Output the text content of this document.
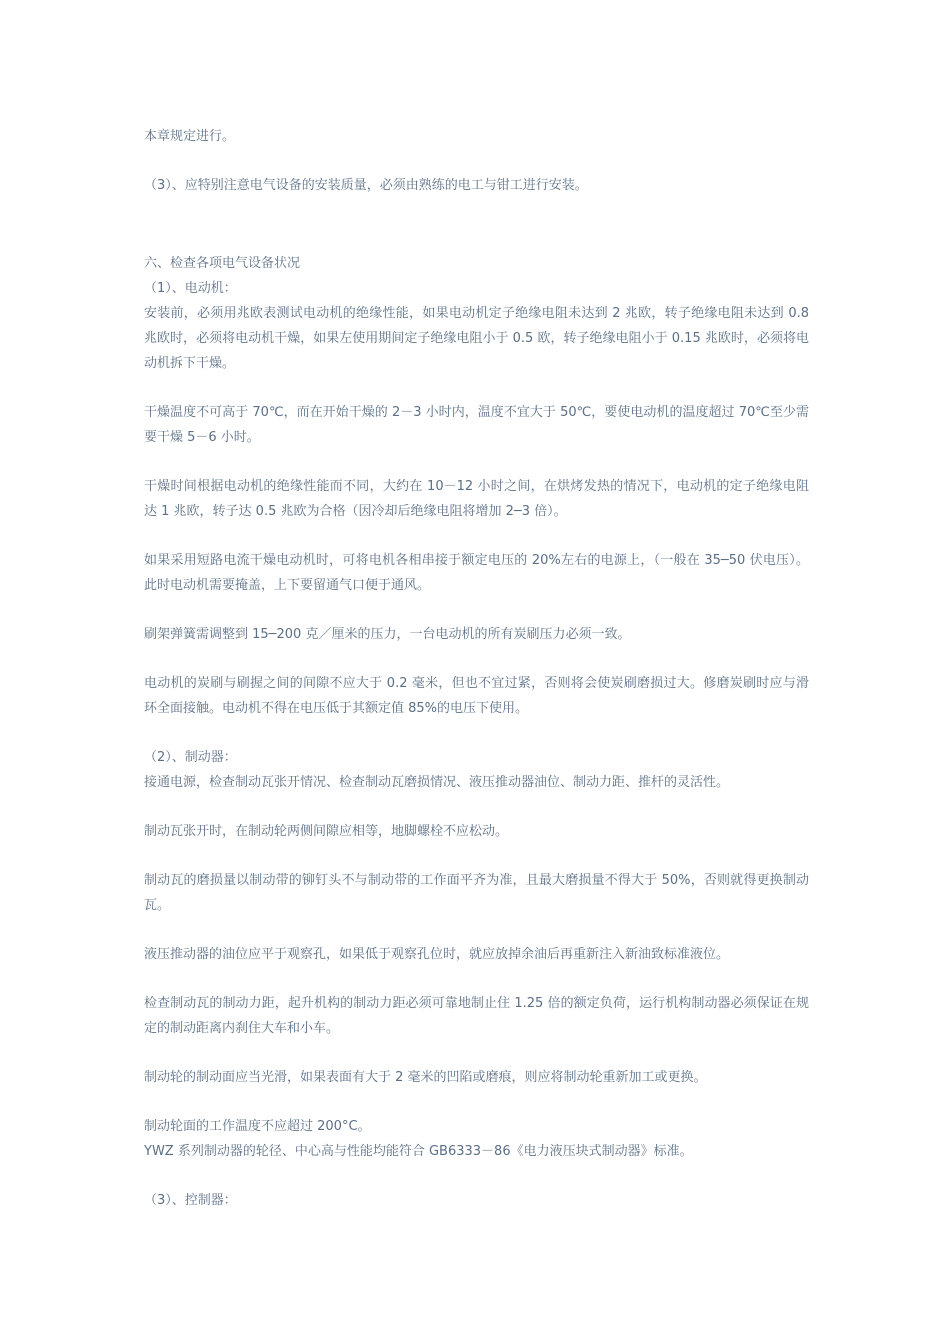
本章规定进行。

（3）、应特别注意电气设备的安装质量，必须由熟练的电工与钳工进行安装。

六、检查各项电气设备状况

（1）、电动机：

安装前，必须用兆欧表测试电动机的绝缘性能，如果电动机定子绝缘电阻未达到 2 兆欧，转子绝缘电阻未达到 0.8 兆欧时，必须将电动机干燥，如果左使用期间定子绝缘电阻小于 0.5 欧，转子绝缘电阻小于 0.15 兆欧时，必须将电动机拆下干燥。

干燥温度不可高于 70℃，而在开始干燥的 2－3 小时内，温度不宜大于 50℃，要使电动机的温度超过 70℃至少需要干燥 5－6 小时。

干燥时间根据电动机的绝缘性能而不同，大约在 10－12 小时之间，在烘烤发热的情况下，电动机的定子绝缘电阻达 1 兆欧，转子达 0.5 兆欧为合格（因冷却后绝缘电阻将增加 2─3 倍）。

如果采用短路电流干燥电动机时，可将电机各相串接于额定电压的 20%左右的电源上，（一般在 35─50 伏电压）。此时电动机需要掩盖，上下要留通气口便于通风。

刷架弹簧需调整到 15─200 克／厘米的压力，一台电动机的所有炭刷压力必须一致。

电动机的炭刷与刷握之间的间隙不应大于 0.2 毫米，但也不宜过紧，否则将会使炭刷磨损过大。修磨炭刷时应与滑环全面接触。电动机不得在电压低于其额定值 85%的电压下使用。

（2）、制动器：

接通电源，检查制动瓦张开情况、检查制动瓦磨损情况、液压推动器油位、制动力距、推杆的灵活性。

制动瓦张开时，在制动轮两侧间隙应相等，地脚螺栓不应松动。

制动瓦的磨损量以制动带的铆钉头不与制动带的工作面平齐为准，且最大磨损量不得大于 50%，否则就得更换制动瓦。

液压推动器的油位应平于观察孔，如果低于观察孔位时，就应放掉余油后再重新注入新油致标准液位。

检查制动瓦的制动力距，起升机构的制动力距必须可靠地制止住 1.25 倍的额定负荷，运行机构制动器必须保证在规定的制动距离内刹住大车和小车。

制动轮的制动面应当光滑，如果表面有大于 2 毫米的凹陷或磨痕，则应将制动轮重新加工或更换。

制动轮面的工作温度不应超过 200°C。

YWZ 系列制动器的轮径、中心高与性能均能符合 GB6333－86《电力液压块式制动器》标准。

（3）、控制器：
